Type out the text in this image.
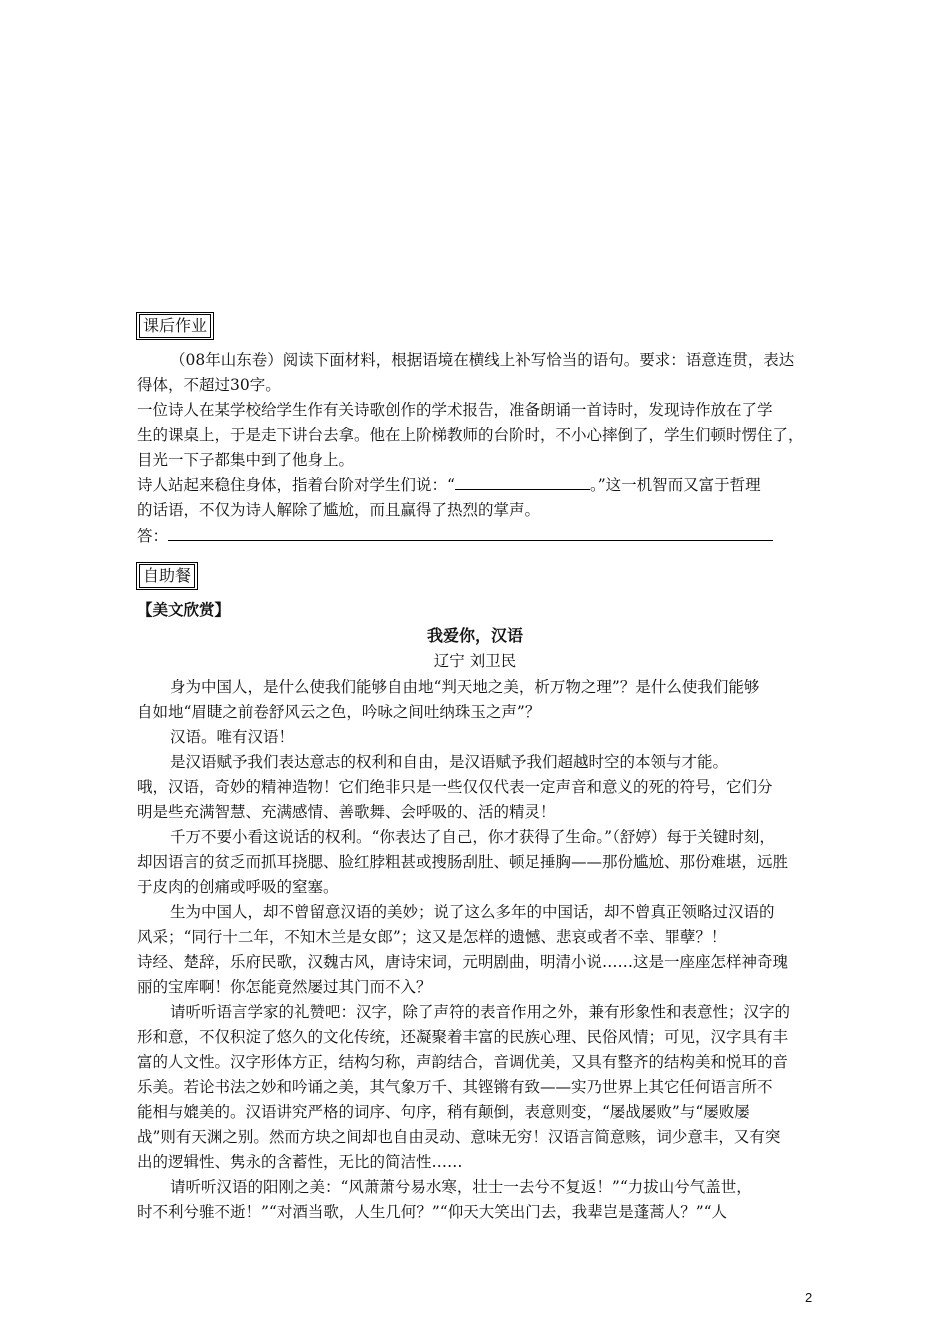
课后作业
（08年山东卷）阅读下面材料，根据语境在横线上补写恰当的语句。要求：语意连贯，表达
得体，不超过30字。
一位诗人在某学校给学生作有关诗歌创作的学术报告，准备朗诵一首诗时，发现诗作放在了学
生的课桌上，于是走下讲台去拿。他在上阶梯教师的台阶时，不小心摔倒了，学生们顿时愣住了，
目光一下子都集中到了他身上。
诗人站起来稳住身体，指着台阶对学生们说：“	。”这一机智而又富于哲理
的话语，不仅为诗人解除了尴尬，而且赢得了热烈的掌声。
答：
自助餐
【美文欣赏】
我爱你，汉语
辽宁 刘卫民
身为中国人，是什么使我们能够自由地“判天地之美，析万物之理”？是什么使我们能够
自如地“眉睫之前卷舒风云之色，吟咏之间吐纳珠玉之声”？
汉语。唯有汉语！
是汉语赋予我们表达意志的权利和自由，是汉语赋予我们超越时空的本领与才能。
哦，汉语，奇妙的精神造物！它们绝非只是一些仅仅代表一定声音和意义的死的符号，它们分
明是些充满智慧、充满感情、善歌舞、会呼吸的、活的精灵！
千万不要小看这说话的权利。“你表达了自己，你才获得了生命。”（舒婷）每于关键时刻，
却因语言的贫乏而抓耳挠腮、脸红脖粗甚或搜肠刮肚、顿足捶胸——那份尴尬、那份难堪，远胜
于皮肉的创痛或呼吸的窒塞。
生为中国人，却不曾留意汉语的美妙；说了这么多年的中国话，却不曾真正领略过汉语的
风采；“同行十二年，不知木兰是女郎”；这又是怎样的遗憾、悲哀或者不幸、罪孽？！
诗经、楚辞，乐府民歌，汉魏古风，唐诗宋词，元明剧曲，明清小说……这是一座座怎样神奇瑰
丽的宝库啊！你怎能竟然屡过其门而不入？
请听听语言学家的礼赞吧：汉字，除了声符的表音作用之外，兼有形象性和表意性；汉字的
形和意，不仅积淀了悠久的文化传统，还凝聚着丰富的民族心理、民俗风情；可见，汉字具有丰
富的人文性。汉字形体方正，结构匀称，声韵结合，音调优美，又具有整齐的结构美和悦耳的音
乐美。若论书法之妙和吟诵之美，其气象万千、其铿锵有致——实乃世界上其它任何语言所不
能相与媲美的。汉语讲究严格的词序、句序，稍有颠倒，表意则变，“屡战屡败”与“屡败屡
战”则有天渊之别。然而方块之间却也自由灵动、意味无穷！汉语言简意赅，词少意丰，又有突
出的逻辑性、隽永的含蓄性，无比的简洁性……
请听听汉语的阳刚之美：“风萧萧兮易水寒，壮士一去兮不复返！”“力拔山兮气盖世，
时不利兮骓不逝！”“对酒当歌，人生几何？”“仰天大笑出门去，我辈岂是蓬蒿人？”“人
2
